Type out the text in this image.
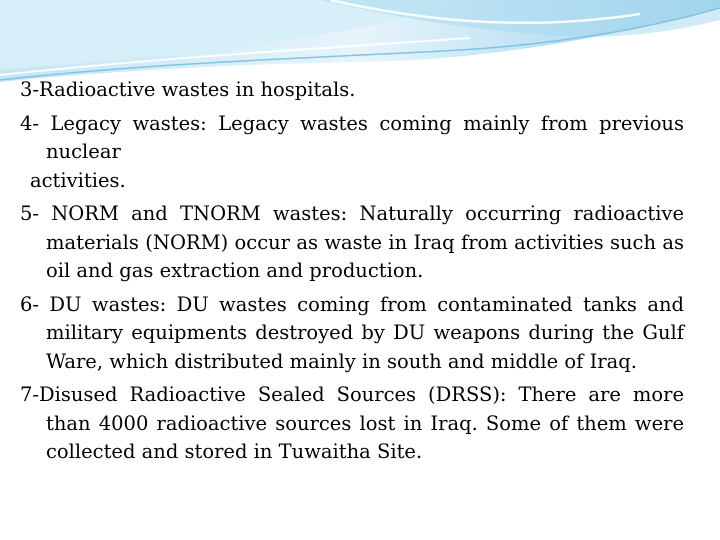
3-Radioactive wastes in hospitals.
4- Legacy wastes: Legacy wastes coming mainly from previous nuclear
activities.
5- NORM and TNORM wastes: Naturally occurring radioactive materials (NORM) occur as waste in Iraq from activities such as oil and gas extraction and production.
6- DU wastes: DU wastes coming from contaminated tanks and military equipments destroyed by DU weapons during the Gulf Ware, which distributed mainly in south and middle of Iraq.
7-Disused Radioactive Sealed Sources (DRSS): There are more than 4000 radioactive sources lost in Iraq. Some of them were collected and stored in Tuwaitha Site.
